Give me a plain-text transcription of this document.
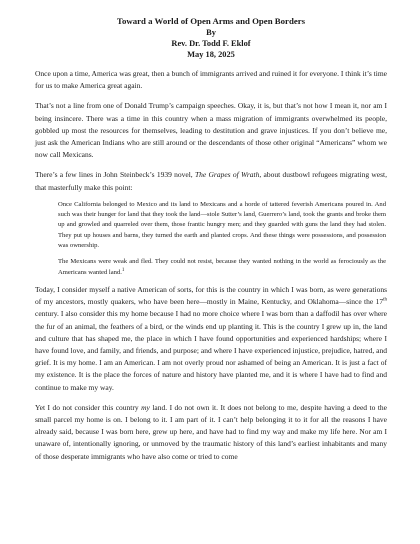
Toward a World of Open Arms and Open Borders
By
Rev. Dr. Todd F. Eklof
May 18, 2025

Once upon a time, America was great, then a bunch of immigrants arrived and ruined it for everyone. I think it’s time for us to make America great again.

That’s not a line from one of Donald Trump’s campaign speeches. Okay, it is, but that’s not how I mean it, nor am I being insincere. There was a time in this country when a mass migration of immigrants overwhelmed its people, gobbled up most the resources for themselves, leading to destitution and grave injustices. If you don’t believe me, just ask the American Indians who are still around or the descendants of those other original “Americans” whom we now call Mexicans.

There’s a few lines in John Steinbeck’s 1939 novel, The Grapes of Wrath, about dustbowl refugees migrating west, that masterfully make this point:

Once California belonged to Mexico and its land to Mexicans and a horde of tattered feverish Americans poured in. And such was their hunger for land that they took the land—stole Sutter’s land, Guerrero’s land, took the grants and broke them up and growled and quarreled over them, those frantic hungry men; and they guarded with guns the land they had stolen. They put up houses and barns, they turned the earth and planted crops. And these things were possessions, and possession was ownership.

The Mexicans were weak and fled. They could not resist, because they wanted nothing in the world as ferociously as the Americans wanted land.$^1$

Today, I consider myself a native American of sorts, for this is the country in which I was born, as were generations of my ancestors, mostly quakers, who have been here—mostly in Maine, Kentucky, and Oklahoma—since the 17th century. I also consider this my home because I had no more choice where I was born than a daffodil has over where the fur of an animal, the feathers of a bird, or the winds end up planting it. This is the country I grew up in, the land and culture that has shaped me, the place in which I have found opportunities and experienced hardships; where I have found love, and family, and friends, and purpose; and where I have experienced injustice, prejudice, hatred, and grief. It is my home. I am an American. I am not overly proud nor ashamed of being an American. It is just a fact of my existence. It is the place the forces of nature and history have planted me, and it is where I have had to find and continue to make my way.

Yet I do not consider this country my land. I do not own it. It does not belong to me, despite having a deed to the small parcel my home is on. I belong to it. I am part of it. I can’t help belonging it to it for all the reasons I have already said, because I was born here, grew up here, and have had to find my way and make my life here. Nor am I unaware of, intentionally ignoring, or unmoved by the traumatic history of this land’s earliest inhabitants and many of those desperate immigrants who have also come or tried to come
